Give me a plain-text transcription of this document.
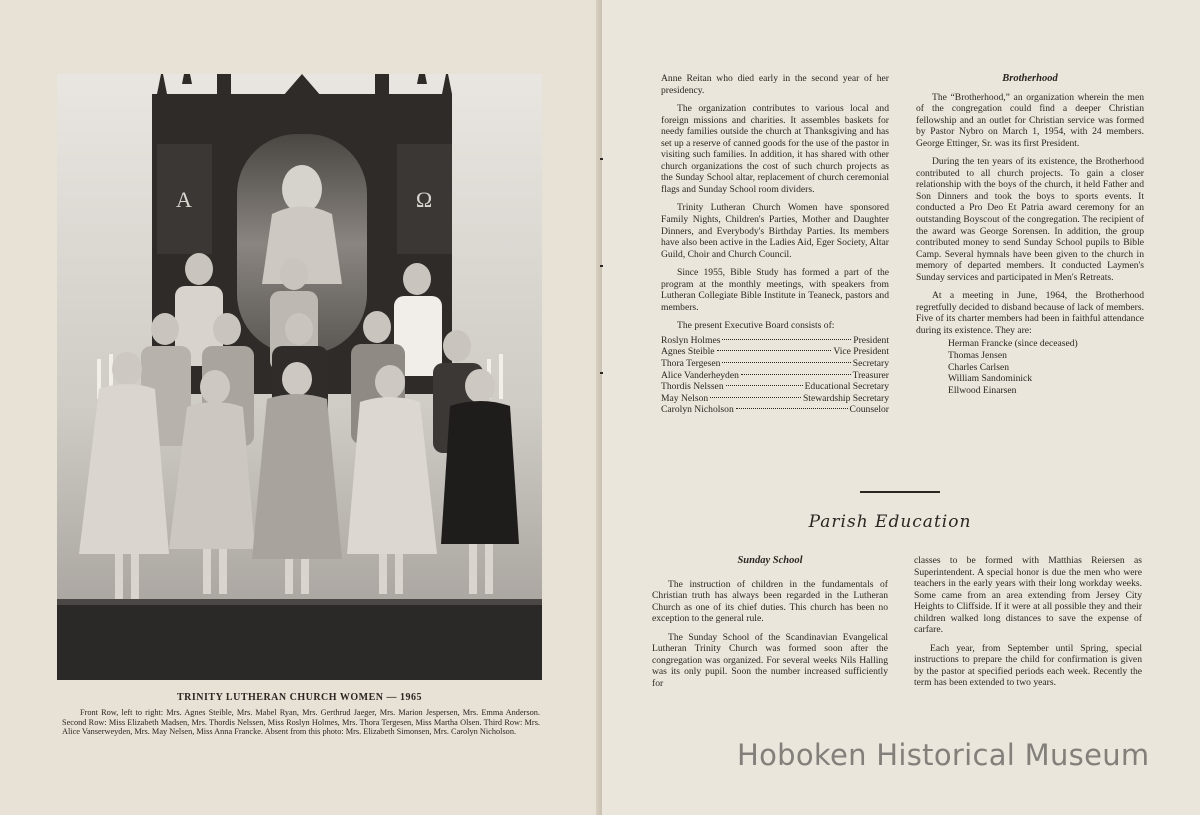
A	Ω
TRINITY LUTHERAN CHURCH WOMEN — 1965
Front Row, left to right: Mrs. Agnes Steible, Mrs. Mabel Ryan, Mrs. Gerthrud Jaeger, Mrs. Marion Jespersen, Mrs. Emma Anderson. Second Row: Miss Elizabeth Madsen, Mrs. Thordis Nelssen, Miss Roslyn Holmes, Mrs. Thora Tergesen, Miss Martha Olsen. Third Row: Mrs. Alice Vanserweyden, Mrs. May Nelsen, Miss Anna Francke. Absent from this photo: Mrs. Elizabeth Simonsen, Mrs. Carolyn Nicholson.

Anne Reitan who died early in the second year of her presidency.

The organization contributes to various local and foreign missions and charities. It assembles baskets for needy families outside the church at Thanksgiving and has set up a reserve of canned goods for the use of the pastor in visiting such families. In addition, it has shared with other church organizations the cost of such church projects as the Sunday School altar, replacement of church ceremonial flags and Sunday School room dividers.

Trinity Lutheran Church Women have sponsored Family Nights, Children's Parties, Mother and Daughter Dinners, and Everybody's Birthday Parties. Its members have also been active in the Ladies Aid, Eger Society, Altar Guild, Choir and Church Council.

Since 1955, Bible Study has formed a part of the program at the monthly meetings, with speakers from Lutheran Collegiate Bible Institute in Teaneck, pastors and members.

The present Executive Board consists of:

Roslyn Holmes	President
Agnes Steible	Vice President
Thora Tergesen	Secretary
Alice Vanderheyden	Treasurer
Thordis Nelssen	Educational Secretary
May Nelson	Stewardship Secretary
Carolyn Nicholson	Counselor

Brotherhood

The “Brotherhood,” an organization wherein the men of the congregation could find a deeper Christian fellowship and an outlet for Christian service was formed by Pastor Nybro on March 1, 1954, with 24 members. George Ettinger, Sr. was its first President.

During the ten years of its existence, the Brotherhood contributed to all church projects. To gain a closer relationship with the boys of the church, it held Father and Son Dinners and took the boys to sports events. It conducted a Pro Deo Et Patria award ceremony for an outstanding Boyscout of the congregation. The recipient of the award was George Sorensen. In addition, the group contributed money to send Sunday School pupils to Bible Camp. Several hymnals have been given to the church in memory of departed members. It conducted Laymen's Sunday services and participated in Men's Retreats.

At a meeting in June, 1964, the Brotherhood regretfully decided to disband because of lack of members. Five of its charter members had been in faithful attendance during its existence. They are:

Herman Francke (since deceased)
Thomas Jensen
Charles Carlsen
William Sandominick
Ellwood Einarsen
Parish Education

Sunday School

The instruction of children in the fundamentals of Christian truth has always been regarded in the Lutheran Church as one of its chief duties. This church has been no exception to the general rule.

The Sunday School of the Scandinavian Evangelical Lutheran Trinity Church was formed soon after the congregation was organized. For several weeks Nils Halling was its only pupil. Soon the number increased sufficiently for

classes to be formed with Matthias Reiersen as Superintendent. A special honor is due the men who were teachers in the early years with their long workday weeks. Some came from an area extending from Jersey City Heights to Cliffside. If it were at all possible they and their children walked long distances to save the expense of carfare.

Each year, from September until Spring, special instructions to prepare the child for confirmation is given by the pastor at specified periods each week. Recently the term has been extended to two years.

Hoboken Historical Museum
